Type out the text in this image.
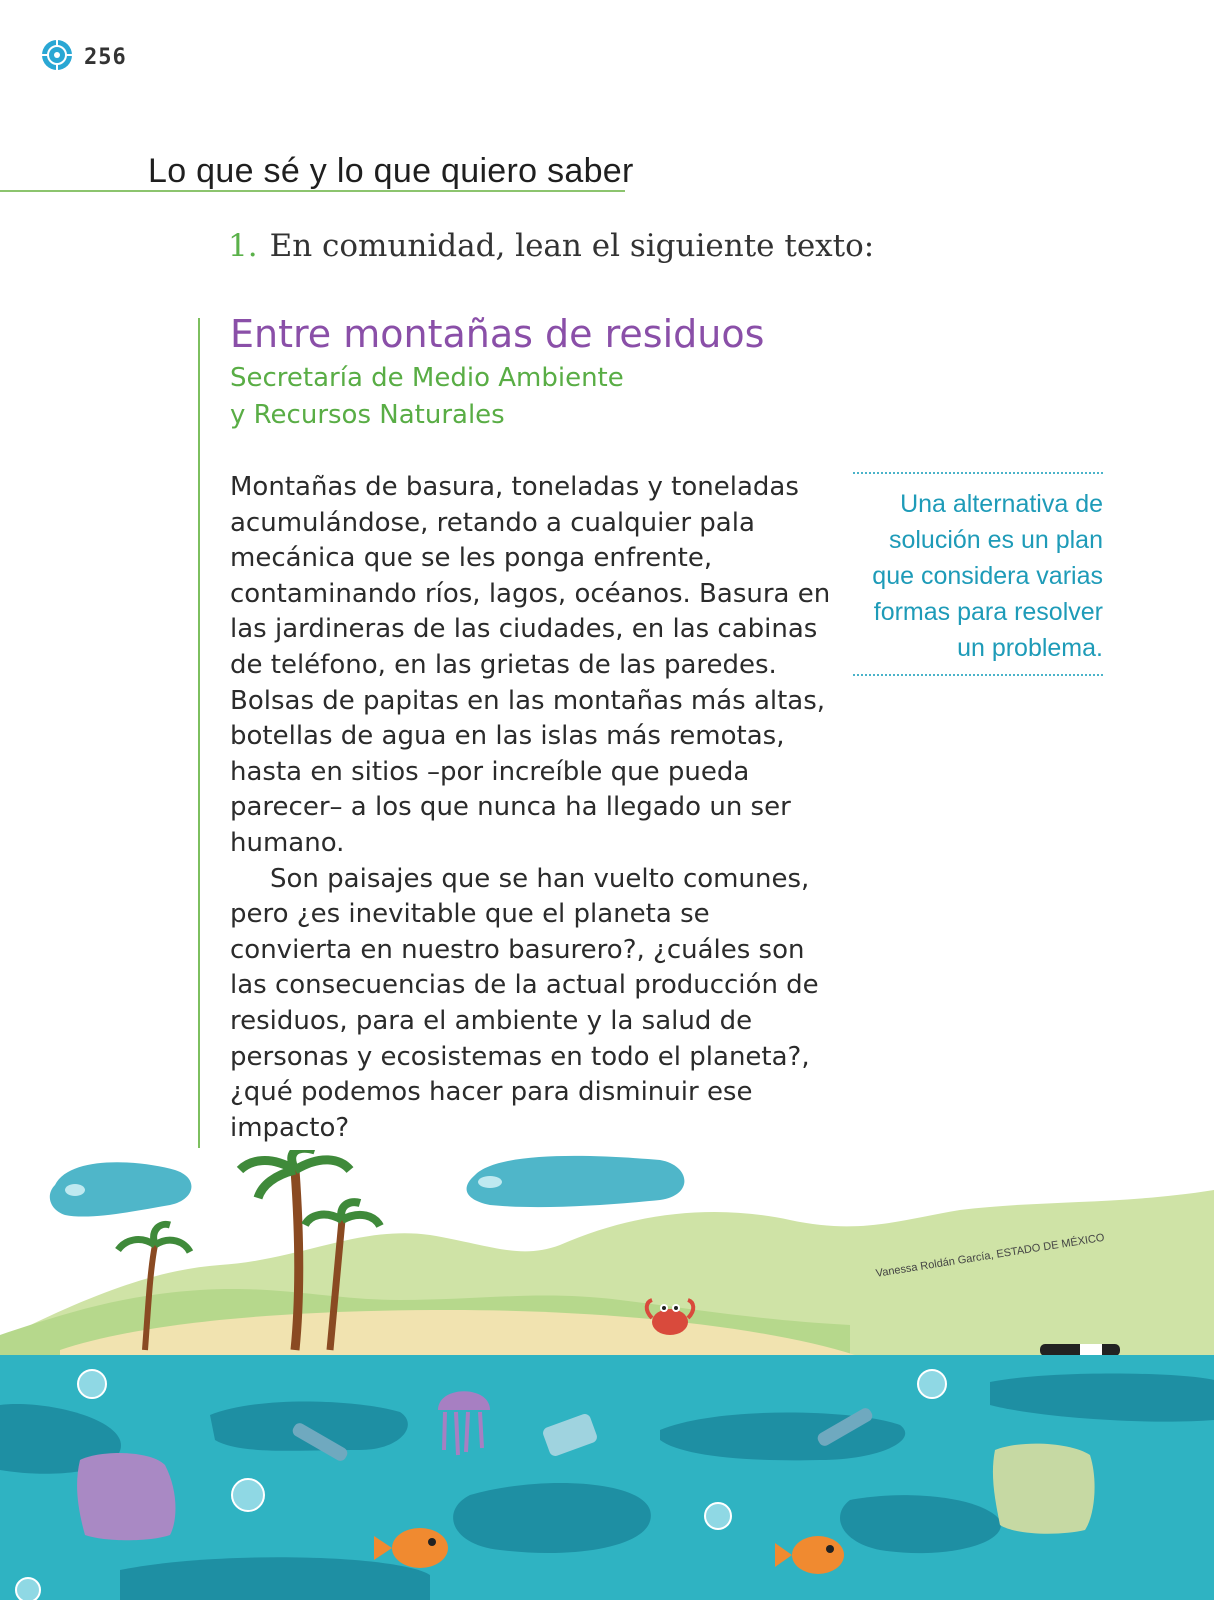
256
Lo que sé y lo que quiero saber
1. En comunidad, lean el siguiente texto:
Entre montañas de residuos
Secretaría de Medio Ambiente
y Recursos Naturales

Montañas de basura, toneladas y toneladas acumulándose, retando a cualquier pala mecánica que se les ponga enfrente, contaminando ríos, lagos, océanos. Basura en las jardineras de las ciudades, en las cabinas de teléfono, en las grietas de las paredes. Bolsas de papitas en las montañas más altas, botellas de agua en las islas más remotas, hasta en sitios –por increíble que pueda parecer– a los que nunca ha llegado un ser humano.

Son paisajes que se han vuelto comunes, pero ¿es inevitable que el planeta se convierta en nuestro basurero?, ¿cuáles son las consecuencias de la actual producción de residuos, para el ambiente y la salud de personas y ecosistemas en todo el planeta?, ¿qué podemos hacer para disminuir ese impacto?

Una alternativa de solución es un plan que considera varias formas para resolver un problema.
Vanessa Roldán García, ESTADO DE MÉXICO
